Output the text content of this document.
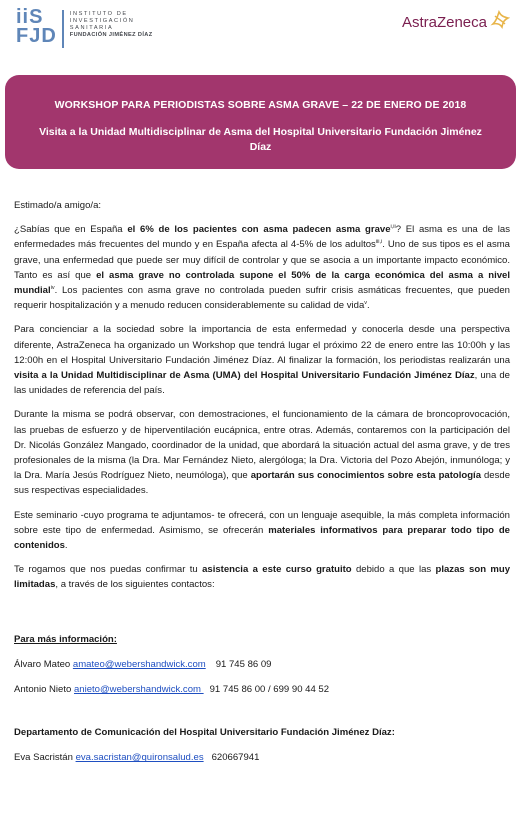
iiS
FJD
INSTITUTO DE
INVESTIGACIÓN
SANITARIA
FUNDACIÓN JIMÉNEZ DÍAZ
AstraZeneca
WORKSHOP PARA PERIODISTAS SOBRE ASMA GRAVE – 22 DE ENERO DE 2018
Visita a la Unidad Multidisciplinar de Asma del Hospital Universitario Fundación Jiménez Díaz

Estimado/a amigo/a:

¿Sabías que en España el 6% de los pacientes con asma padecen asma grave$^{i,ii}$? El asma es una de las enfermedades más frecuentes del mundo y en España afecta al 4-5% de los adultos$^{iii,i}$. Uno de sus tipos es el asma grave, una enfermedad que puede ser muy difícil de controlar y que se asocia a un importante impacto económico. Tanto es así que el asma grave no controlada supone el 50% de la carga económica del asma a nivel mundial$^{iv}$. Los pacientes con asma grave no controlada pueden sufrir crisis asmáticas frecuentes, que pueden requerir hospitalización y a menudo reducen considerablemente su calidad de vida$^v$.

Para concienciar a la sociedad sobre la importancia de esta enfermedad y conocerla desde una perspectiva diferente, AstraZeneca ha organizado un Workshop que tendrá lugar el próximo 22 de enero entre las 10:00h y las 12:00h en el Hospital Universitario Fundación Jiménez Díaz. Al finalizar la formación, los periodistas realizarán una visita a la Unidad Multidisciplinar de Asma (UMA) del Hospital Universitario Fundación Jiménez Díaz, una de las unidades de referencia del país.

Durante la misma se podrá observar, con demostraciones, el funcionamiento de la cámara de broncoprovocación, las pruebas de esfuerzo y de hiperventilación eucápnica, entre otras. Además, contaremos con la participación del Dr. Nicolás González Mangado, coordinador de la unidad, que abordará la situación actual del asma grave, y de tres profesionales de la misma (la Dra. Mar Fernández Nieto, alergóloga; la Dra. Victoria del Pozo Abejón, inmunóloga; y la Dra. María Jesús Rodríguez Nieto, neumóloga), que aportarán sus conocimientos sobre esta patología desde sus respectivas especialidades.

Este seminario -cuyo programa te adjuntamos- te ofrecerá, con un lenguaje asequible, la más completa información sobre este tipo de enfermedad. Asimismo, se ofrecerán materiales informativos para preparar todo tipo de contenidos.

Te rogamos que nos puedas confirmar tu asistencia a este curso gratuito debido a que las plazas son muy limitadas, a través de los siguientes contactos:

Para más información:

Álvaro Mateo amateo@webershandwick.com 91 745 86 09

Antonio Nieto anieto@webershandwick.com 91 745 86 00 / 699 90 44 52

Departamento de Comunicación del Hospital Universitario Fundación Jiménez Díaz:

Eva Sacristán eva.sacristan@quironsalud.es 620667941
